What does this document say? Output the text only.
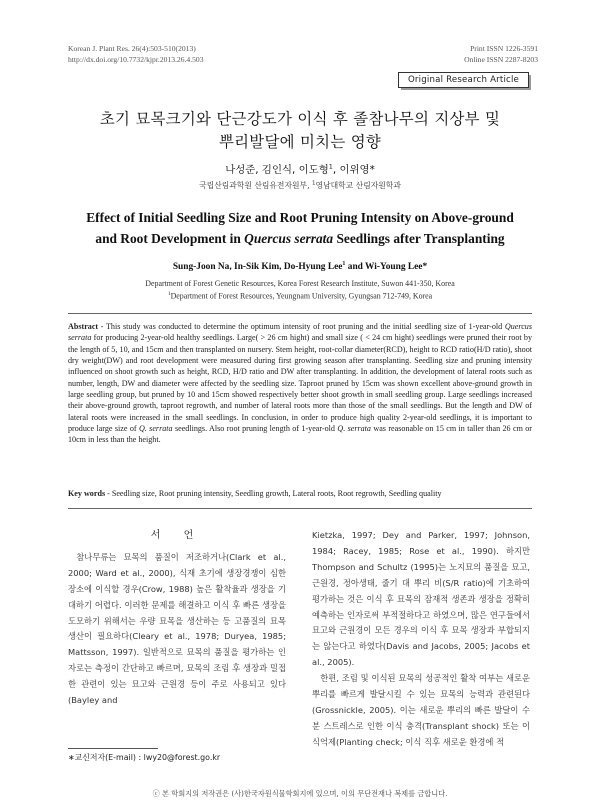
Korean J. Plant Res. 26(4):503-510(2013)
http://dx.doi.org/10.7732/kjpr.2013.26.4.503
Print ISSN 1226-3591
Online ISSN 2287-8203
Original Research Article
초기 묘목크기와 단근강도가 이식 후 졸참나무의 지상부 및
뿌리발달에 미치는 영향
나성준, 김인식, 이도형$^1$, 이위영*
국립산림과학원 산림유전자원부, $^1$영남대학교 산림자원학과
Effect of Initial Seedling Size and Root Pruning Intensity on Above-ground
and Root Development in Quercus serrata Seedlings after Transplanting
Sung-Joon Na, In-Sik Kim, Do-Hyung Lee$^1$ and Wi-Young Lee*
Department of Forest Genetic Resources, Korea Forest Research Institute, Suwon 441-350, Korea
$^1$Department of Forest Resources, Yeungnam University, Gyungsan 712-749, Korea
Abstract - This study was conducted to determine the optimum intensity of root pruning and the initial seedling size of 1-year-old Quercus serrata for producing 2-year-old healthy seedlings. Large( > 26 cm hight) and small size ( < 24 cm hight) seedlings were pruned their root by the length of 5, 10, and 15cm and then transplanted on nursery. Stem height, root-collar diameter(RCD), height to RCD ratio(H/D ratio), shoot dry weight(DW) and root development were measured during first growing season after transplanting. Seedling size and pruning intensity influenced on shoot growth such as height, RCD, H/D ratio and DW after transplanting. In addition, the development of lateral roots such as number, length, DW and diameter were affected by the seedling size. Taproot pruned by 15cm was shown excellent above-ground growth in large seedling group, but pruned by 10 and 15cm showed respectively better shoot growth in small seedling group. Large seedlings increased their above-ground growth, taproot regrowth, and number of lateral roots more than those of the small seedlings. But the length and DW of lateral roots were increased in the small seedlings. In conclusion, in order to produce high quality 2-year-old seedlings, it is important to produce large size of Q. serrata seedlings. Also root pruning length of 1-year-old Q. serrata was reasonable on 15 cm in taller than 26 cm or 10cm in less than the height.
Key words - Seedling size, Root pruning intensity, Seedling growth, Lateral roots, Root regrowth, Seedling quality
서 언

참나무류는 묘목의 품질이 저조하거나(Clark et al., 2000; Ward et al., 2000), 식재 초기에 생장경쟁이 심한 장소에 이식할 경우(Crow, 1988) 높은 활착율과 생장을 기대하기 어렵다. 이러한 문제를 해결하고 이식 후 빠른 생장을 도모하기 위해서는 우량 묘목을 생산하는 등 고품질의 묘목생산이 필요하다(Cleary et al., 1978; Duryea, 1985; Mattsson, 1997). 일반적으로 묘목의 품질을 평가하는 인자로는 측정이 간단하고 빠르며, 묘목의 조림 후 생장과 밀접한 관련이 있는 묘고와 근원경 등이 주로 사용되고 있다(Bayley and

Kietzka, 1997; Dey and Parker, 1997; Johnson, 1984; Racey, 1985; Rose et al., 1990). 하지만 Thompson and Schultz (1995)는 노지묘의 품질을 묘고, 근원경, 정아생태, 줄기 대 뿌리 비(S/R ratio)에 기초하여 평가하는 것은 이식 후 묘목의 잠재적 생존과 생장을 정확히 예측하는 인자로써 부적절하다고 하였으며, 많은 연구들에서 묘고와 근원경이 모든 경우의 이식 후 묘목 생장과 부합되지는 않는다고 하였다(Davis and Jacobs, 2005; Jacobs et al., 2005).

한편, 조림 및 이식된 묘목의 성공적인 활착 여부는 새로운 뿌리를 빠르게 발달시킬 수 있는 묘목의 능력과 관련된다(Grossnickle, 2005). 이는 새로운 뿌리의 빠른 발달이 수분 스트레스로 인한 이식 충격(Transplant shock) 또는 이식억제(Planting check; 이식 직후 새로운 환경에 적

∗교신저자(E-mail) : lwy20@forest.go.kr
ⓒ 본 학회지의 저작권은 (사)한국자원식물학회지에 있으며, 이의 무단전재나 복제를 금합니다.
